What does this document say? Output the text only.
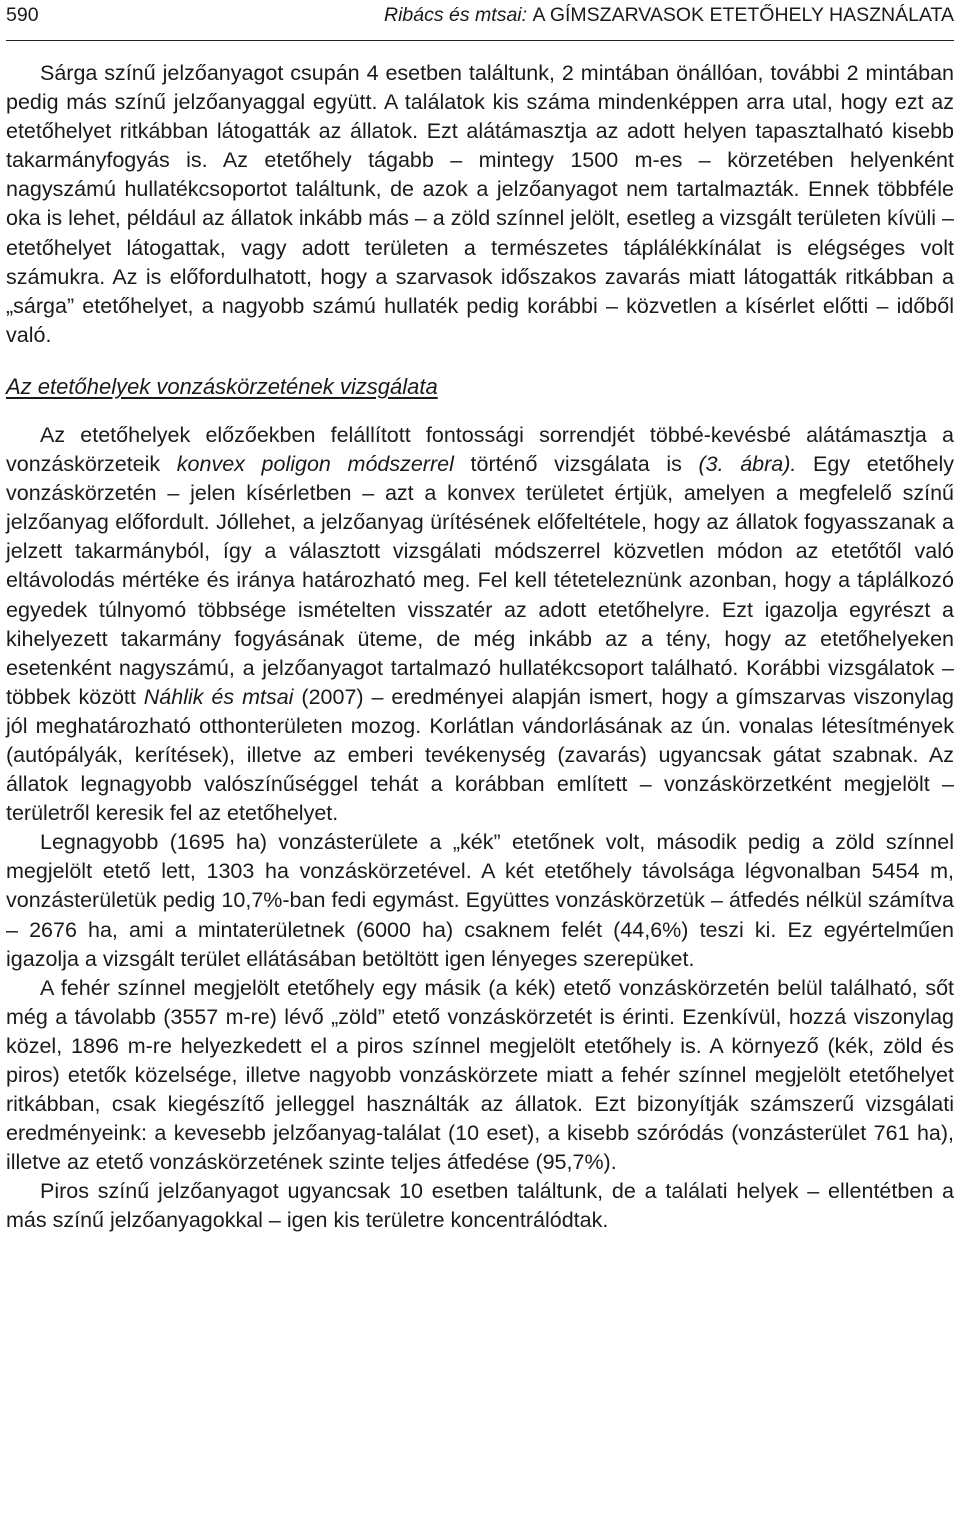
590	Ribács és mtsai: A GÍMSZARVASOK ETETŐHELY HASZNÁLATA

Sárga színű jelzőanyagot csupán 4 esetben találtunk, 2 mintában önállóan, további 2 mintában pedig más színű jelzőanyaggal együtt. A találatok kis száma mindenképpen arra utal, hogy ezt az etetőhelyet ritkábban látogatták az állatok. Ezt alátámasztja az adott helyen tapasztalható kisebb takarmányfogyás is. Az etetőhely tágabb – mintegy 1500 m-es – körzetében helyenként nagyszámú hullatékcsoportot találtunk, de azok a jelzőanyagot nem tartalmazták. Ennek többféle oka is lehet, például az állatok inkább más – a zöld színnel jelölt, esetleg a vizsgált területen kívüli – etetőhelyet látogattak, vagy adott területen a természetes táplálékkínálat is elégséges volt számukra. Az is előfordulhatott, hogy a szarvasok időszakos zavarás miatt látogatták ritkábban a „sárga” etetőhelyet, a nagyobb számú hullaték pedig korábbi – közvetlen a kísérlet előtti – időből való.

Az etetőhelyek vonzáskörzetének vizsgálata

Az etetőhelyek előzőekben felállított fontossági sorrendjét többé-kevésbé alátámasztja a vonzáskörzeteik konvex poligon módszerrel történő vizsgálata is (3. ábra). Egy etetőhely vonzáskörzetén – jelen kísérletben – azt a konvex területet értjük, amelyen a megfelelő színű jelzőanyag előfordult. Jóllehet, a jelzőanyag ürítésének előfeltétele, hogy az állatok fogyasszanak a jelzett takarmányból, így a választott vizsgálati módszerrel közvetlen módon az etetőtől való eltávolodás mértéke és iránya határozható meg. Fel kell téteteleznünk azonban, hogy a táplálkozó egyedek túlnyomó többsége ismételten visszatér az adott etetőhelyre. Ezt igazolja egyrészt a kihelyezett takarmány fogyásának üteme, de még inkább az a tény, hogy az etetőhelyeken esetenként nagyszámú, a jelzőanyagot tartalmazó hullatékcsoport található. Korábbi vizsgálatok – többek között Náhlik és mtsai (2007) – eredményei alapján ismert, hogy a gímszarvas viszonylag jól meghatározható otthonterületen mozog. Korlátlan vándorlásának az ún. vonalas létesítmények (autópályák, kerítések), illetve az emberi tevékenység (zavarás) ugyancsak gátat szabnak. Az állatok legnagyobb valószínűséggel tehát a korábban említett – vonzáskörzetként megjelölt – területről keresik fel az etetőhelyet.

Legnagyobb (1695 ha) vonzásterülete a „kék” etetőnek volt, második pedig a zöld színnel megjelölt etető lett, 1303 ha vonzáskörzetével. A két etetőhely távolsága légvonalban 5454 m, vonzásterületük pedig 10,7%-ban fedi egymást. Együttes vonzáskörzetük – átfedés nélkül számítva – 2676 ha, ami a mintaterületnek (6000 ha) csaknem felét (44,6%) teszi ki. Ez egyértelműen igazolja a vizsgált terület ellátásában betöltött igen lényeges szerepüket.

A fehér színnel megjelölt etetőhely egy másik (a kék) etető vonzáskörzetén belül található, sőt még a távolabb (3557 m-re) lévő „zöld” etető vonzáskörzetét is érinti. Ezenkívül, hozzá viszonylag közel, 1896 m-re helyezkedett el a piros színnel megjelölt etetőhely is. A környező (kék, zöld és piros) etetők közelsége, illetve nagyobb vonzáskörzete miatt a fehér színnel megjelölt etetőhelyet ritkábban, csak kiegészítő jelleggel használták az állatok. Ezt bizonyítják számszerű vizsgálati eredményeink: a kevesebb jelzőanyag-találat (10 eset), a kisebb szóródás (vonzásterület 761 ha), illetve az etető vonzáskörzetének szinte teljes átfedése (95,7%).

Piros színű jelzőanyagot ugyancsak 10 esetben találtunk, de a találati helyek – ellentétben a más színű jelzőanyagokkal – igen kis területre koncentrálódtak.
